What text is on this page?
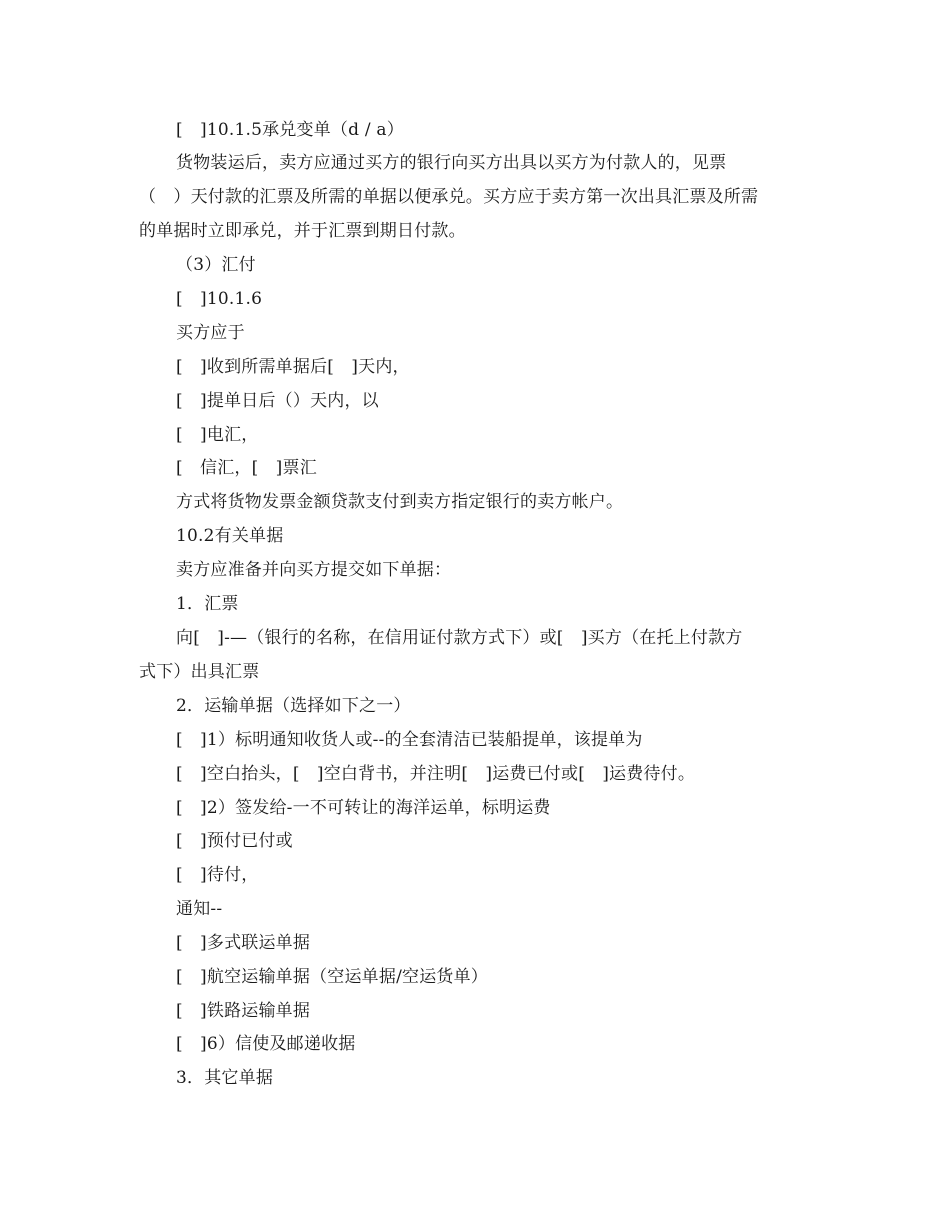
[　]10.1.5承兑变单（d / a）
货物装运后，卖方应通过买方的银行向买方出具以买方为付款人的，见票
（　）天付款的汇票及所需的单据以便承兑。买方应于卖方第一次出具汇票及所需
的单据时立即承兑，并于汇票到期日付款。
（3）汇付
[　]10.1.6
买方应于
[　]收到所需单据后[　]天内，
[　]提单日后（）天内，以
[　]电汇，
[　信汇，[　]票汇
方式将货物发票金额贷款支付到卖方指定银行的卖方帐户。
10.2有关单据
卖方应准备并向买方提交如下单据：
1．汇票
向[　]-—（银行的名称，在信用证付款方式下）或[　]买方（在托上付款方
式下）出具汇票
2．运输单据（选择如下之一）
[　]1）标明通知收货人或--的全套清洁已装船提单，该提单为
[　]空白抬头，[　]空白背书，并注明[　]运费已付或[　]运费待付。
[　]2）签发给-一不可转让的海洋运单，标明运费
[　]预付已付或
[　]待付，
通知--
[　]多式联运单据
[　]航空运输单据（空运单据/空运货单）
[　]铁路运输单据
[　]6）信使及邮递收据
3．其它单据
